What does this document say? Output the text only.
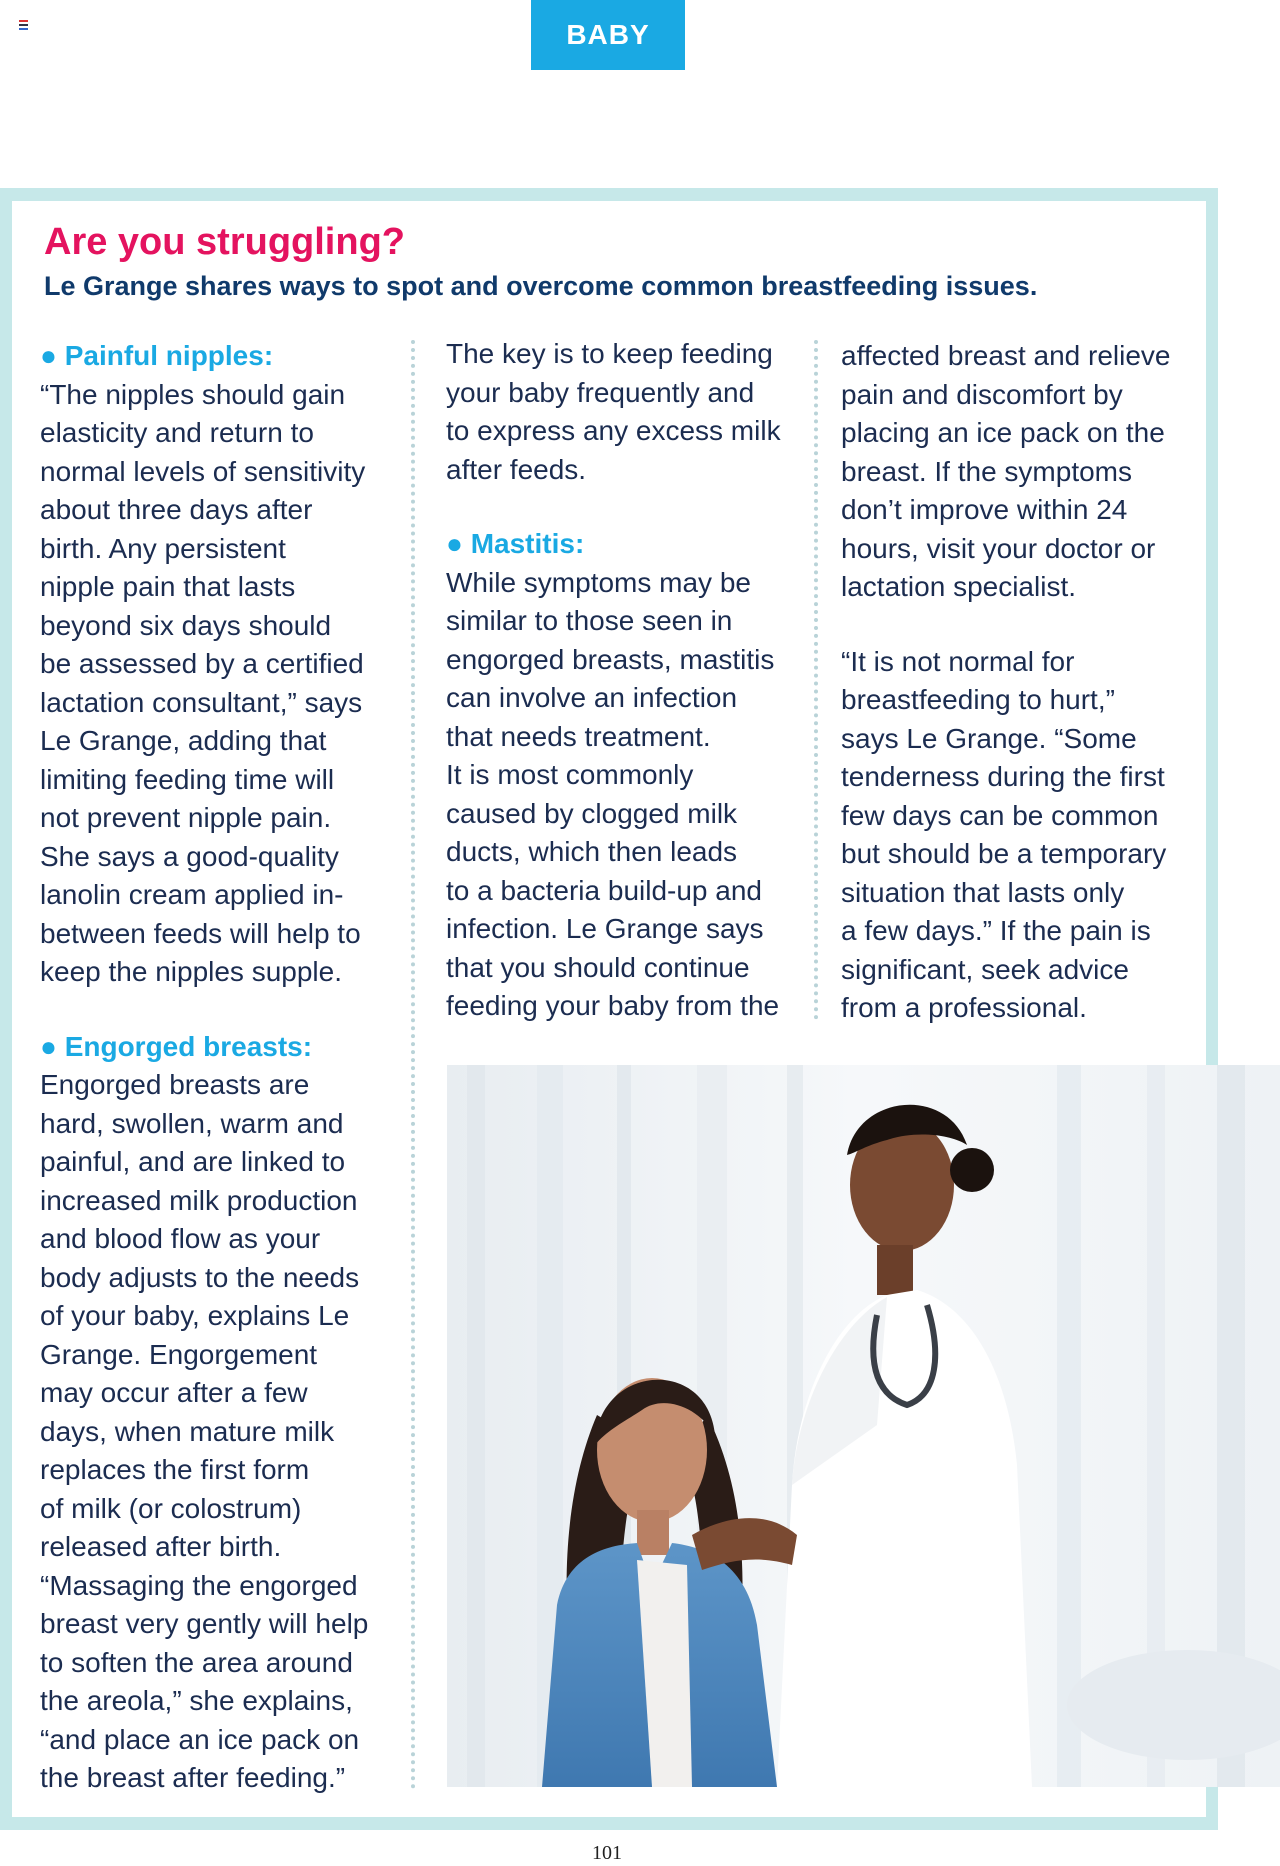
BABY
Are you struggling?
Le Grange shares ways to spot and overcome common breastfeeding issues.

● Painful nipples:

“The nipples should gain

elasticity and return to

normal levels of sensitivity

about three days after

birth. Any persistent

nipple pain that lasts

beyond six days should

be assessed by a certified

lactation consultant,” says

Le Grange, adding that

limiting feeding time will

not prevent nipple pain.

She says a good-quality

lanolin cream applied in-

between feeds will help to

keep the nipples supple.

● Engorged breasts:

Engorged breasts are

hard, swollen, warm and

painful, and are linked to

increased milk production

and blood flow as your

body adjusts to the needs

of your baby, explains Le

Grange. Engorgement

may occur after a few

days, when mature milk

replaces the first form

of milk (or colostrum)

released after birth.

“Massaging the engorged

breast very gently will help

to soften the area around

the areola,” she explains,

“and place an ice pack on

the breast after feeding.”

The key is to keep feeding

your baby frequently and

to express any excess milk

after feeds.

● Mastitis:

While symptoms may be

similar to those seen in

engorged breasts, mastitis

can involve an infection

that needs treatment.

It is most commonly

caused by clogged milk

ducts, which then leads

to a bacteria build-up and

infection. Le Grange says

that you should continue

feeding your baby from the

affected breast and relieve

pain and discomfort by

placing an ice pack on the

breast. If the symptoms

don’t improve within 24

hours, visit your doctor or

lactation specialist.

“It is not normal for

breastfeeding to hurt,”

says Le Grange. “Some

tenderness during the first

few days can be common

but should be a temporary

situation that lasts only

a few days.” If the pain is

significant, seek advice

from a professional.

101
